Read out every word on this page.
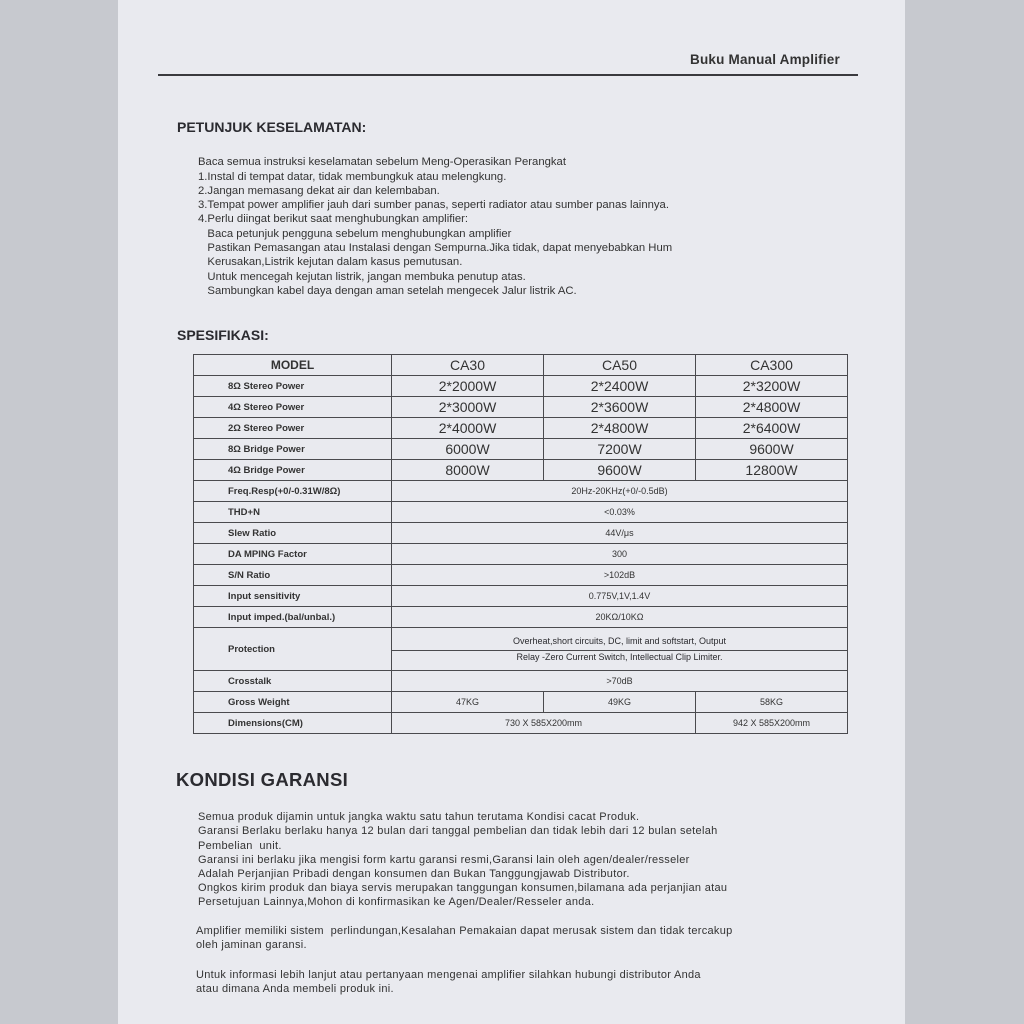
Buku Manual Amplifier
PETUNJUK KESELAMATAN:

Baca semua instruksi keselamatan sebelum Meng-Operasikan Perangkat
1.Instal di tempat datar, tidak membungkuk atau melengkung.
2.Jangan memasang dekat air dan kelembaban.
3.Tempat power amplifier jauh dari sumber panas, seperti radiator atau sumber panas lainnya.
4.Perlu diingat berikut saat menghubungkan amplifier:
Baca petunjuk pengguna sebelum menghubungkan amplifier
Pastikan Pemasangan atau Instalasi dengan Sempurna.Jika tidak, dapat menyebabkan Hum
Kerusakan,Listrik kejutan dalam kasus pemutusan.
Untuk mencegah kejutan listrik, jangan membuka penutup atas.
Sambungkan kabel daya dengan aman setelah mengecek Jalur listrik AC.

SPESIFIKASI:
MODEL	CA30	CA50	CA300
8Ω Stereo Power	2*2000W	2*2400W	2*3200W
4Ω Stereo Power	2*3000W	2*3600W	2*4800W
2Ω Stereo Power	2*4000W	2*4800W	2*6400W
8Ω Bridge Power	6000W	7200W	9600W
4Ω Bridge Power	8000W	9600W	12800W
Freq.Resp(+0/-0.31W/8Ω)	20Hz-20KHz(+0/-0.5dB)		
THD+N	<0.03%		
Slew Ratio	44V/μs		
DA MPING Factor	300		
S/N Ratio	>102dB		
Input sensitivity	0.775V,1V,1.4V		
Input imped.(bal/unbal.)	20KΩ/10KΩ		
Protection	Overheat,short circuits, DC, limit and softstart, Output
Relay -Zero Current Switch, Intellectual Clip Limiter.		

Crosstalk	>70dB		
Gross Weight	47KG	49KG	58KG
Dimensions(CM)	730 X 585X200mm		942 X 585X200mm
KONDISI GARANSI

Semua produk dijamin untuk jangka waktu satu tahun terutama Kondisi cacat Produk.
Garansi Berlaku berlaku hanya 12 bulan dari tanggal pembelian dan tidak lebih dari 12 bulan setelah
Pembelian  unit.
Garansi ini berlaku jika mengisi form kartu garansi resmi,Garansi lain oleh agen/dealer/resseler
Adalah Perjanjian Pribadi dengan konsumen dan Bukan Tanggungjawab Distributor.
Ongkos kirim produk dan biaya servis merupakan tanggungan konsumen,bilamana ada perjanjian atau
Persetujuan Lainnya,Mohon di konfirmasikan ke Agen/Dealer/Resseler anda.

Amplifier memiliki sistem  perlindungan,Kesalahan Pemakaian dapat merusak sistem dan tidak tercakup
oleh jaminan garansi.

Untuk informasi lebih lanjut atau pertanyaan mengenai amplifier silahkan hubungi distributor Anda
atau dimana Anda membeli produk ini.
